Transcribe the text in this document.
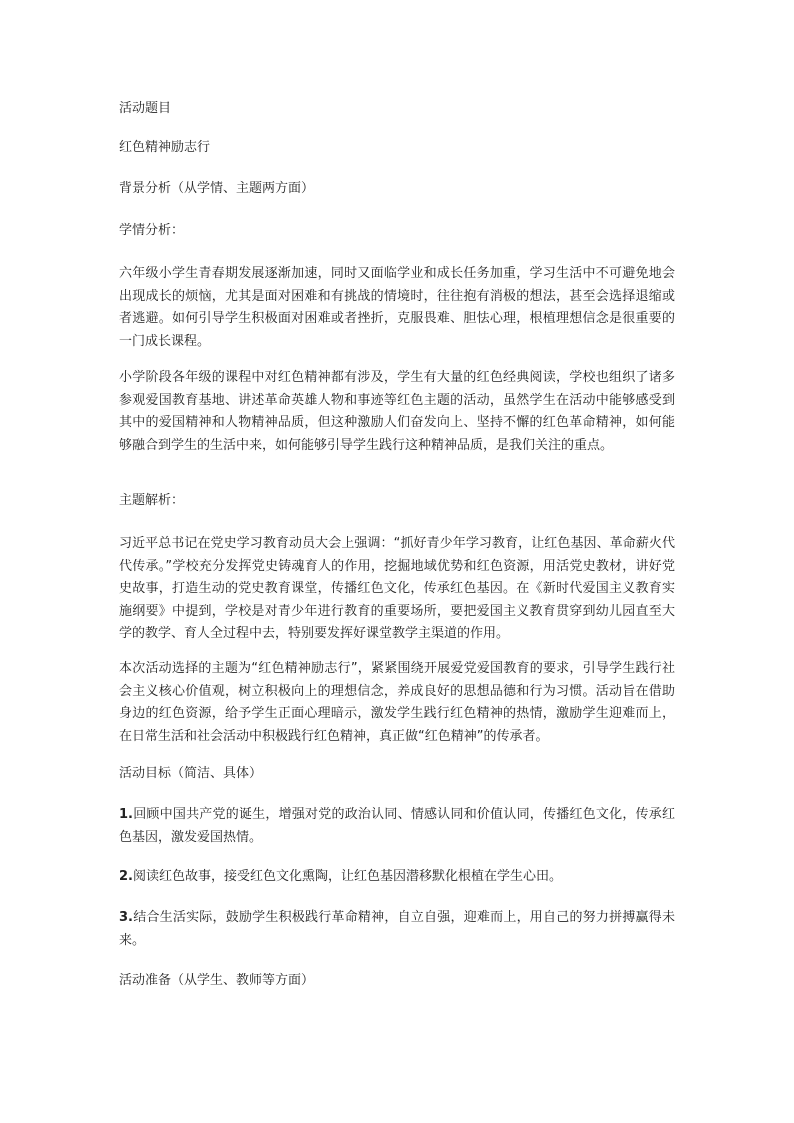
活动题目
红色精神励志行
背景分析（从学情、主题两方面）
学情分析：
六年级小学生青春期发展逐渐加速，同时又面临学业和成长任务加重，学习生活中不可避免地会出现成长的烦恼，尤其是面对困难和有挑战的情境时，往往抱有消极的想法，甚至会选择退缩或者逃避。如何引导学生积极面对困难或者挫折，克服畏难、胆怯心理，根植理想信念是很重要的一门成长课程。
小学阶段各年级的课程中对红色精神都有涉及，学生有大量的红色经典阅读，学校也组织了诸多参观爱国教育基地、讲述革命英雄人物和事迹等红色主题的活动，虽然学生在活动中能够感受到其中的爱国精神和人物精神品质，但这种激励人们奋发向上、坚持不懈的红色革命精神，如何能够融合到学生的生活中来，如何能够引导学生践行这种精神品质，是我们关注的重点。
主题解析：
习近平总书记在党史学习教育动员大会上强调：“抓好青少年学习教育，让红色基因、革命薪火代代传承。”学校充分发挥党史铸魂育人的作用，挖掘地域优势和红色资源，用活党史教材，讲好党史故事，打造生动的党史教育课堂，传播红色文化，传承红色基因。在《新时代爱国主义教育实施纲要》中提到，学校是对青少年进行教育的重要场所，要把爱国主义教育贯穿到幼儿园直至大学的教学、育人全过程中去，特别要发挥好课堂教学主渠道的作用。
本次活动选择的主题为“红色精神励志行”，紧紧围绕开展爱党爱国教育的要求，引导学生践行社会主义核心价值观，树立积极向上的理想信念，养成良好的思想品德和行为习惯。活动旨在借助身边的红色资源，给予学生正面心理暗示，激发学生践行红色精神的热情，激励学生迎难而上，在日常生活和社会活动中积极践行红色精神，真正做“红色精神”的传承者。
活动目标（简洁、具体）
1.回顾中国共产党的诞生，增强对党的政治认同、情感认同和价值认同，传播红色文化，传承红色基因，激发爱国热情。
2.阅读红色故事，接受红色文化熏陶，让红色基因潜移默化根植在学生心田。
3.结合生活实际，鼓励学生积极践行革命精神，自立自强，迎难而上，用自己的努力拼搏赢得未来。
活动准备（从学生、教师等方面）
